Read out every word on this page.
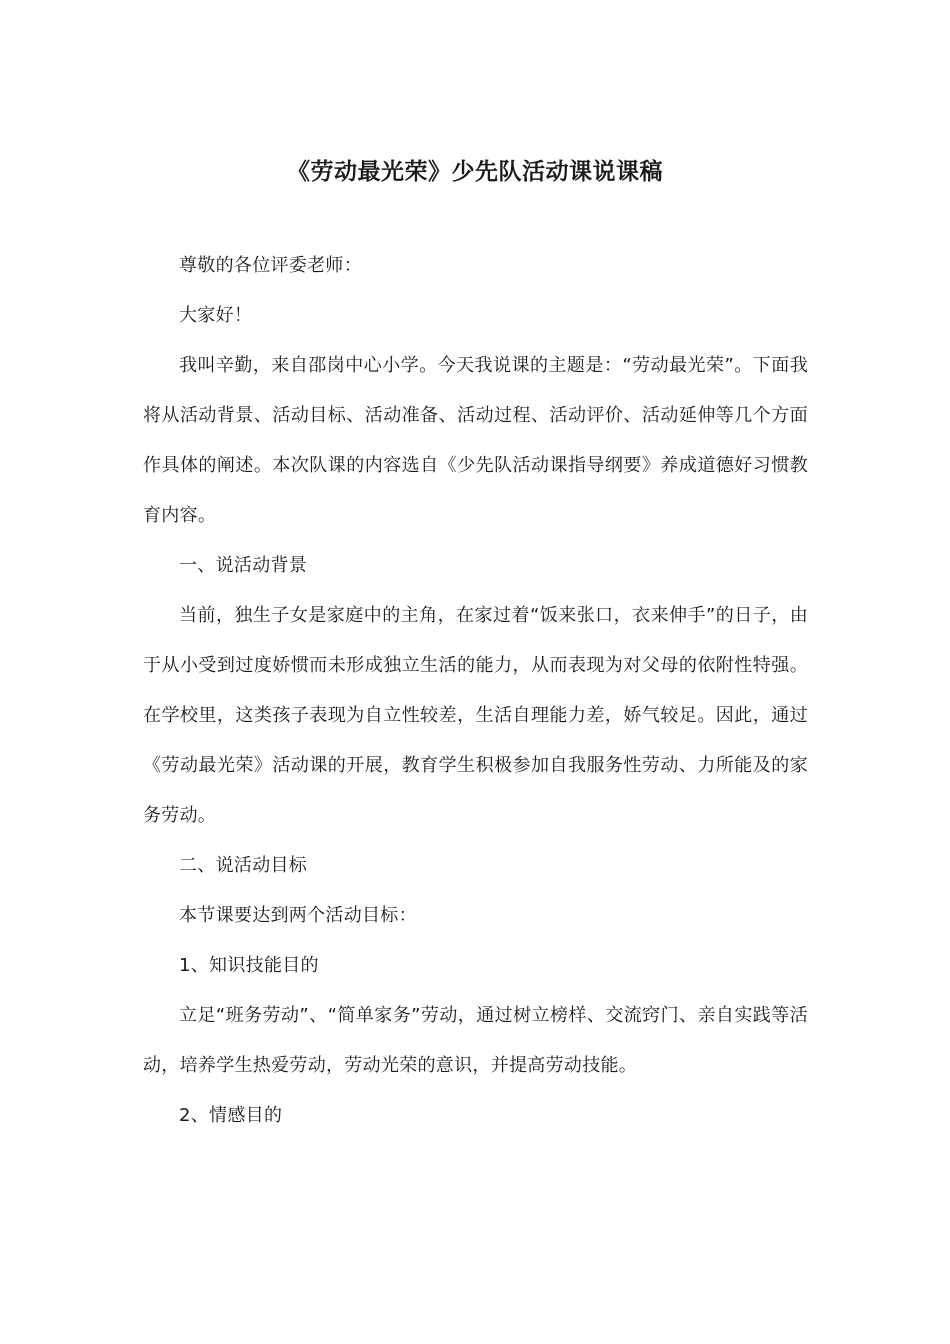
《劳动最光荣》少先队活动课说课稿

尊敬的各位评委老师：

大家好！

我叫辛勤，来自邵岗中心小学。今天我说课的主题是：“劳动最光荣”。下面我将从活动背景、活动目标、活动准备、活动过程、活动评价、活动延伸等几个方面作具体的阐述。本次队课的内容选自《少先队活动课指导纲要》养成道德好习惯教育内容。

一、说活动背景

当前，独生子女是家庭中的主角，在家过着“饭来张口，衣来伸手”的日子，由于从小受到过度娇惯而未形成独立生活的能力，从而表现为对父母的依附性特强。在学校里，这类孩子表现为自立性较差，生活自理能力差，娇气较足。因此，通过《劳动最光荣》活动课的开展，教育学生积极参加自我服务性劳动、力所能及的家务劳动。

二、说活动目标

本节课要达到两个活动目标：

1、知识技能目的

立足“班务劳动”、“简单家务”劳动，通过树立榜样、交流窍门、亲自实践等活动，培养学生热爱劳动，劳动光荣的意识，并提高劳动技能。

2、情感目的
